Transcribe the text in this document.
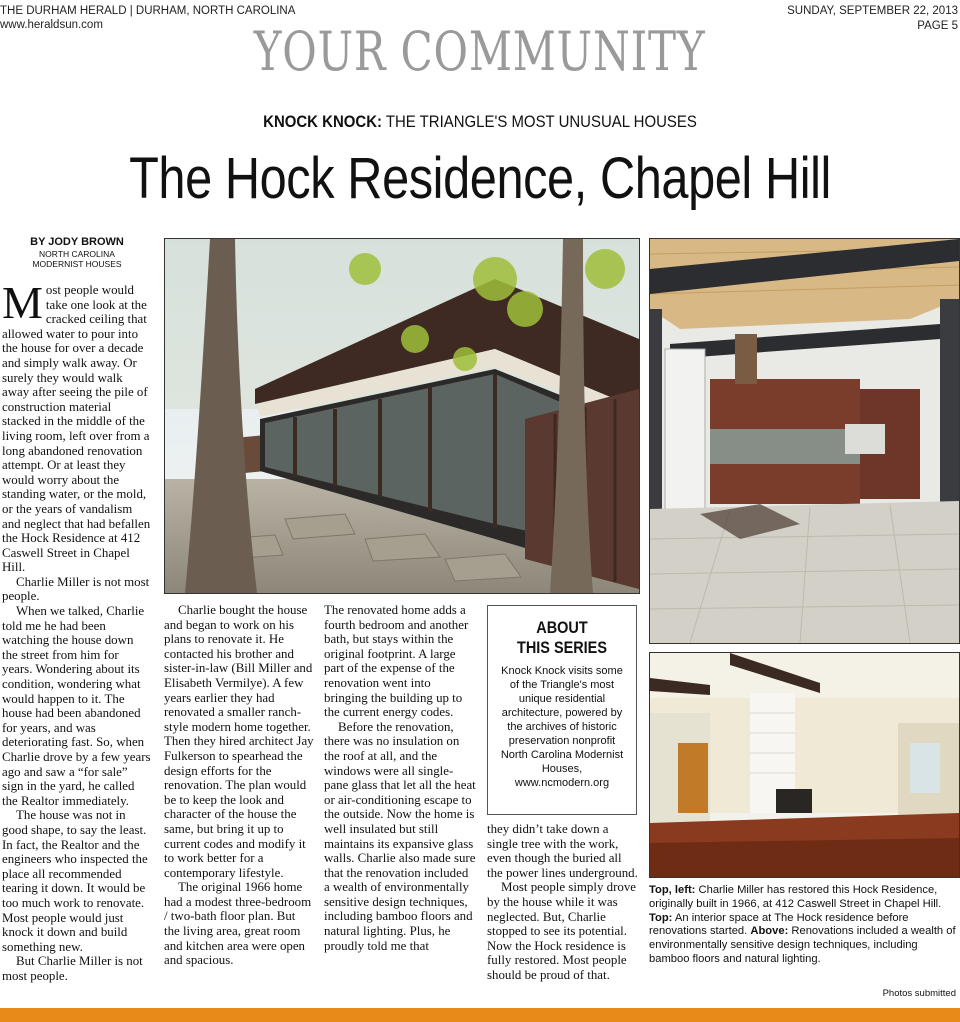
THE DURHAM HERALD | DURHAM, NORTH CAROLINA
www.heraldsun.com
SUNDAY, SEPTEMBER 22, 2013
PAGE 5
YOUR COMMUNITY
KNOCK KNOCK: THE TRIANGLE'S MOST UNUSUAL HOUSES
The Hock Residence, Chapel Hill
BY JODY BROWN
NORTH CAROLINA
MODERNIST HOUSES

Most people would take one look at the cracked ceiling that allowed water to pour into the house for over a decade and simply walk away. Or surely they would walk away after seeing the pile of construction material stacked in the middle of the living room, left over from a long abandoned renovation attempt. Or at least they would worry about the standing water, or the mold, or the years of vandalism and neglect that had befallen the Hock Residence at 412 Caswell Street in Chapel Hill.

Charlie Miller is not most people.

When we talked, Charlie told me he had been watching the house down the street from him for years. Wondering about its condition, wondering what would happen to it. The house had been abandoned for years, and was deteriorating fast. So, when Charlie drove by a few years ago and saw a “for sale” sign in the yard, he called the Realtor immediately.

The house was not in good shape, to say the least. In fact, the Realtor and the engineers who inspected the place all recommended tearing it down. It would be too much work to renovate. Most people would just knock it down and build something new.

But Charlie Miller is not most people.

Charlie bought the house and began to work on his plans to renovate it. He contacted his brother and sister-in-law (Bill Miller and Elisabeth Vermilye). A few years earlier they had renovated a smaller ranch-style modern home together. Then they hired architect Jay Fulkerson to spearhead the design efforts for the renovation. The plan would be to keep the look and character of the house the same, but bring it up to current codes and modify it to work better for a contemporary lifestyle.

The original 1966 home had a modest three-bedroom / two-bath floor plan. But the living area, great room and kitchen area were open and spacious.

The renovated home adds a fourth bedroom and another bath, but stays within the original footprint. A large part of the expense of the renovation went into bringing the building up to the current energy codes.

Before the renovation, there was no insulation on the roof at all, and the windows were all single-pane glass that let all the heat or air-conditioning escape to the outside. Now the home is well insulated but still maintains its expansive glass walls. Charlie also made sure that the renovation included a wealth of environmentally sensitive design techniques, including bamboo floors and natural lighting. Plus, he proudly told me that

ABOUT
THIS SERIES
Knock Knock visits some of the Triangle's most unique residential architecture, powered by the archives of historic preservation nonprofit North Carolina Modernist Houses, www.ncmodern.org

they didn’t take down a single tree with the work, even though the buried all the power lines underground.

Most people simply drove by the house while it was neglected. But, Charlie stopped to see its potential. Now the Hock residence is fully restored. Most people should be proud of that.

Top, left: Charlie Miller has restored this Hock Residence, originally built in 1966, at 412 Caswell Street in Chapel Hill. Top: An interior space at The Hock residence before renovations started. Above: Renovations included a wealth of environmentally sensitive design techniques, including bamboo floors and natural lighting.
Photos submitted
